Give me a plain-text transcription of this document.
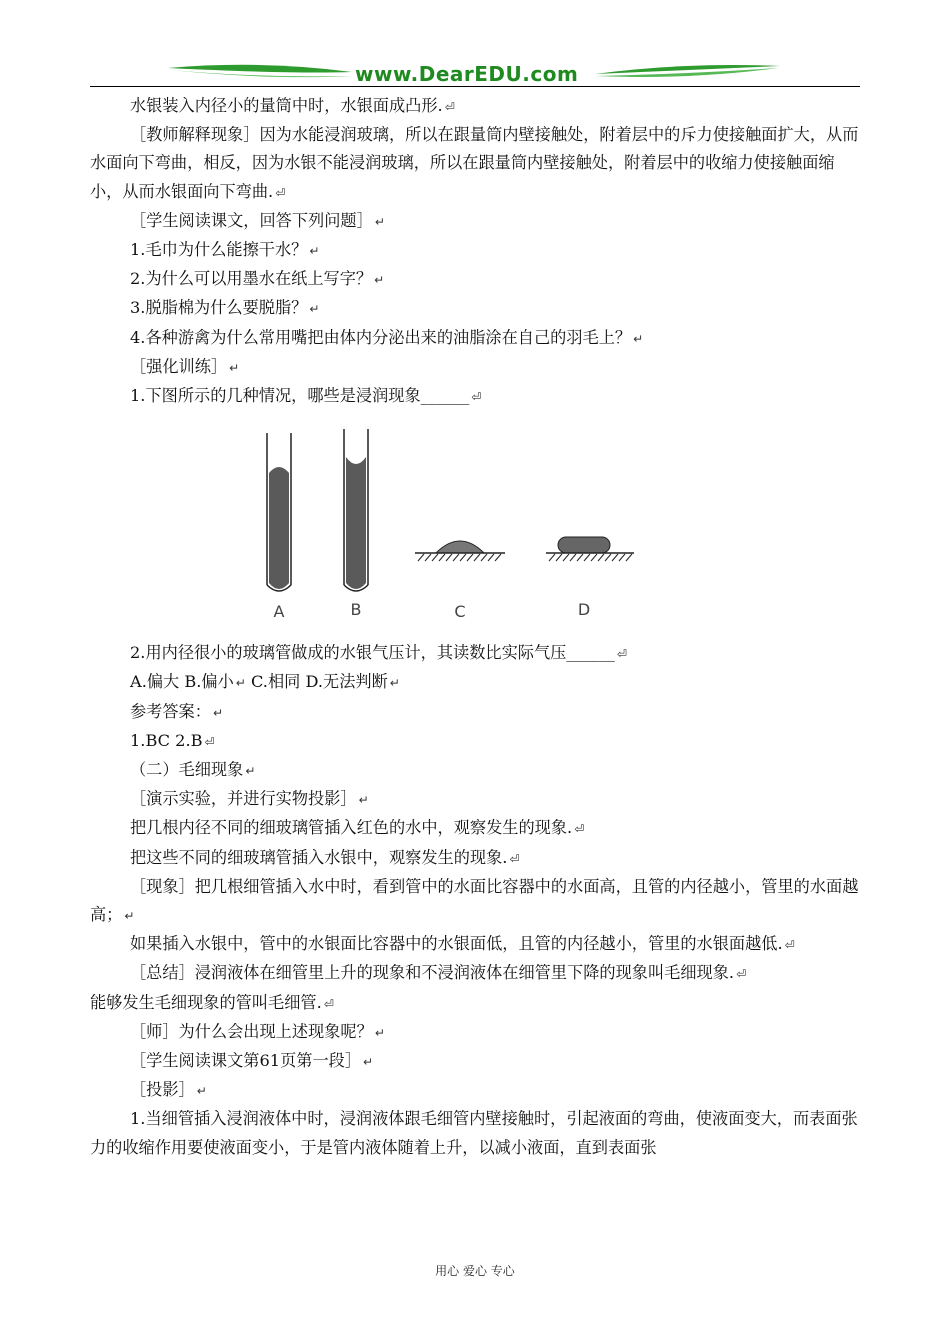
www.DearEDU.com

水银装入内径小的量筒中时，水银面成凸形. ⏎

［教师解释现象］因为水能浸润玻璃，所以在跟量筒内壁接触处，附着层中的斥力使接触面扩大，从而水面向下弯曲，相反，因为水银不能浸润玻璃，所以在跟量筒内壁接触处，附着层中的收缩力使接触面缩小，从而水银面向下弯曲. ⏎

［学生阅读课文，回答下列问题］ ↵

1.毛巾为什么能擦干水？ ↵

2.为什么可以用墨水在纸上写字？ ↵

3.脱脂棉为什么要脱脂？ ↵

4.各种游禽为什么常用嘴把由体内分泌出来的油脂涂在自己的羽毛上？ ↵

［强化训练］ ↵

1.下图所示的几种情况，哪些是浸润现象______ ⏎

A	B	C	D

2.用内径很小的玻璃管做成的水银气压计，其读数比实际气压______ ⏎

A.偏大 B.偏小 ↵ C.相同 D.无法判断 ↵

参考答案： ↵

1.BC 2.B ⏎

（二）毛细现象 ↵

［演示实验，并进行实物投影］ ↵

把几根内径不同的细玻璃管插入红色的水中，观察发生的现象. ⏎

把这些不同的细玻璃管插入水银中，观察发生的现象. ⏎

［现象］把几根细管插入水中时，看到管中的水面比容器中的水面高，且管的内径越小，管里的水面越高； ↵

如果插入水银中，管中的水银面比容器中的水银面低，且管的内径越小，管里的水银面越低. ⏎

［总结］浸润液体在细管里上升的现象和不浸润液体在细管里下降的现象叫毛细现象. ⏎

能够发生毛细现象的管叫毛细管. ⏎

［师］为什么会出现上述现象呢？ ↵

［学生阅读课文第61页第一段］ ↵

［投影］ ↵

1.当细管插入浸润液体中时，浸润液体跟毛细管内壁接触时，引起液面的弯曲，使液面变大，而表面张力的收缩作用要使液面变小，于是管内液体随着上升，以减小液面，直到表面张

用心 爱心 专心
